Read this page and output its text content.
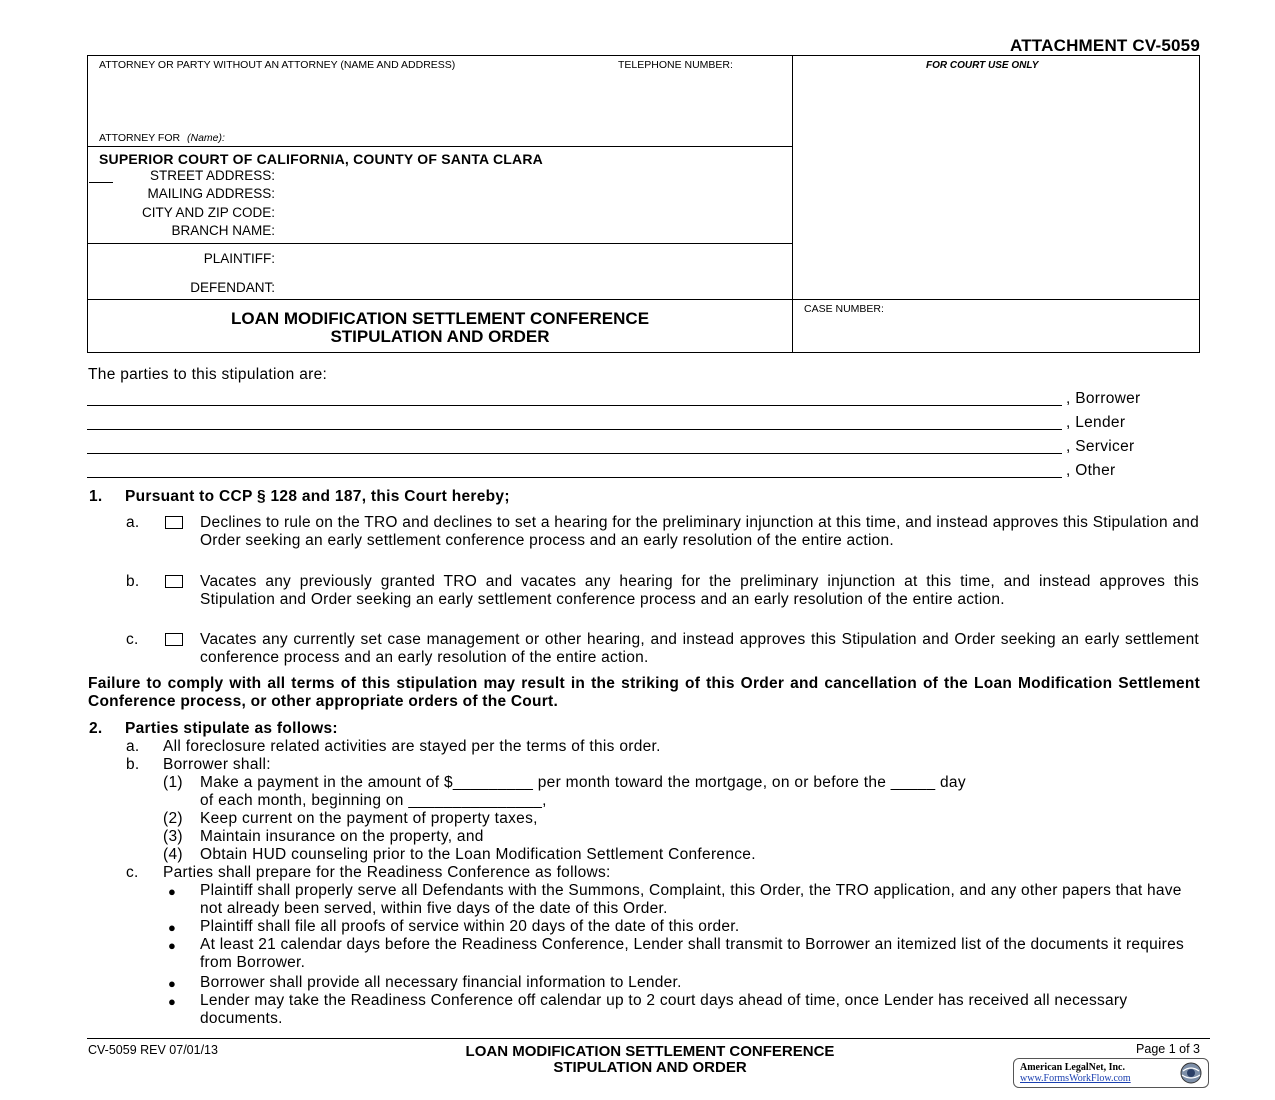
ATTACHMENT CV-5059
ATTORNEY OR PARTY WITHOUT AN ATTORNEY (NAME AND ADDRESS)	TELEPHONE NUMBER:	FOR COURT USE ONLY
ATTORNEY FOR (Name):
SUPERIOR COURT OF CALIFORNIA, COUNTY OF SANTA CLARA
STREET ADDRESS:
MAILING ADDRESS:
CITY AND ZIP CODE:
BRANCH NAME:
PLAINTIFF:
DEFENDANT:
LOAN MODIFICATION SETTLEMENT CONFERENCE
STIPULATION AND ORDER
CASE NUMBER:
The parties to this stipulation are:
, Borrower
, Lender
, Servicer
, Other
1. Pursuant to CCP § 128 and 187, this Court hereby;
a.	Declines to rule on the TRO and declines to set a hearing for the preliminary injunction at this time, and instead approves this Stipulation and Order seeking an early settlement conference process and an early resolution of the entire action.
b.	Vacates any previously granted TRO and vacates any hearing for the preliminary injunction at this time, and instead approves this Stipulation and Order seeking an early settlement conference process and an early resolution of the entire action.
c.	Vacates any currently set case management or other hearing, and instead approves this Stipulation and Order seeking an early settlement conference process and an early resolution of the entire action.
Failure to comply with all terms of this stipulation may result in the striking of this Order and cancellation of the Loan Modification Settlement Conference process, or other appropriate orders of the Court.
2. Parties stipulate as follows:
a. All foreclosure related activities are stayed per the terms of this order.
b. Borrower shall:
(1) Make a payment in the amount of $_________ per month toward the mortgage, on or before the _____ day
of each month, beginning on _______________,
(2) Keep current on the payment of property taxes,
(3) Maintain insurance on the property, and
(4) Obtain HUD counseling prior to the Loan Modification Settlement Conference.
c. Parties shall prepare for the Readiness Conference as follows:
● Plaintiff shall properly serve all Defendants with the Summons, Complaint, this Order, the TRO application, and any other papers that have not already been served, within five days of the date of this Order.
● Plaintiff shall file all proofs of service within 20 days of the date of this order.
● At least 21 calendar days before the Readiness Conference, Lender shall transmit to Borrower an itemized list of the documents it requires from Borrower.
● Borrower shall provide all necessary financial information to Lender.
● Lender may take the Readiness Conference off calendar up to 2 court days ahead of time, once Lender has received all necessary documents.
CV-5059 REV 07/01/13	LOAN MODIFICATION SETTLEMENT CONFERENCE
STIPULATION AND ORDER
Page 1 of 3
American LegalNet, Inc.
www.FormsWorkFlow.com
